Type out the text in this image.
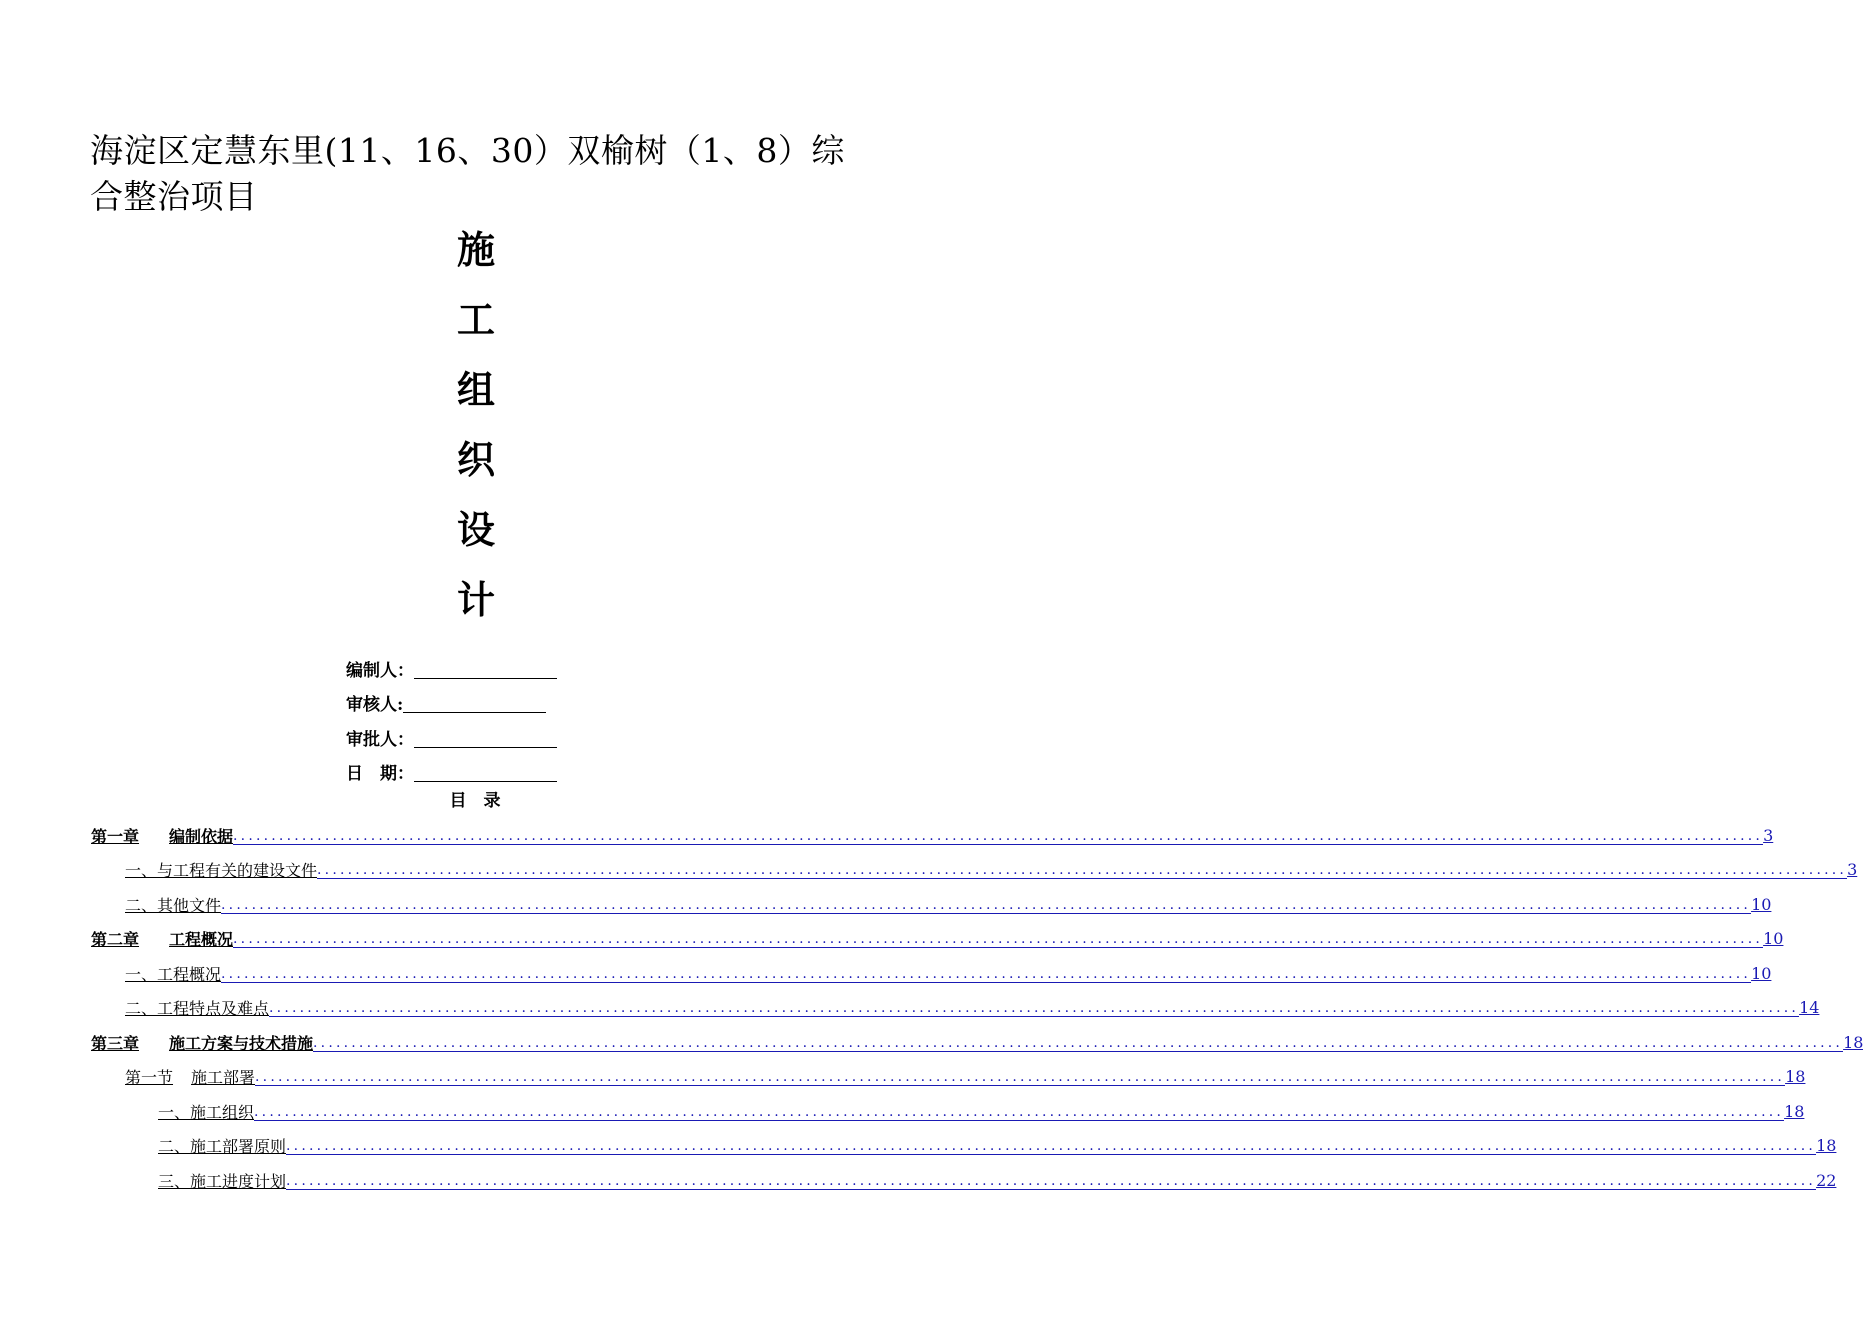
海淀区定慧东里(11、16、30）双榆树（1、8）综合整治项目
施
工
组
织
设
计
编制人：
审核人:
审批人：
日　期：
目　录
第一章 编制依据 ........................................................................................................................................................................................................ 3
一、与工程有关的建设文件 ........................................................................................................................................................................................................ 3
二、其他文件 ........................................................................................................................................................................................................ 10
第二章 工程概况 ........................................................................................................................................................................................................ 10
一、工程概况 ........................................................................................................................................................................................................ 10
二、工程特点及难点 ........................................................................................................................................................................................................ 14
第三章 施工方案与技术措施 ........................................................................................................................................................................................................ 18
第一节 施工部署 ........................................................................................................................................................................................................ 18
一、施工组织 ........................................................................................................................................................................................................ 18
二、施工部署原则 ........................................................................................................................................................................................................ 18
三、施工进度计划 ........................................................................................................................................................................................................ 22
